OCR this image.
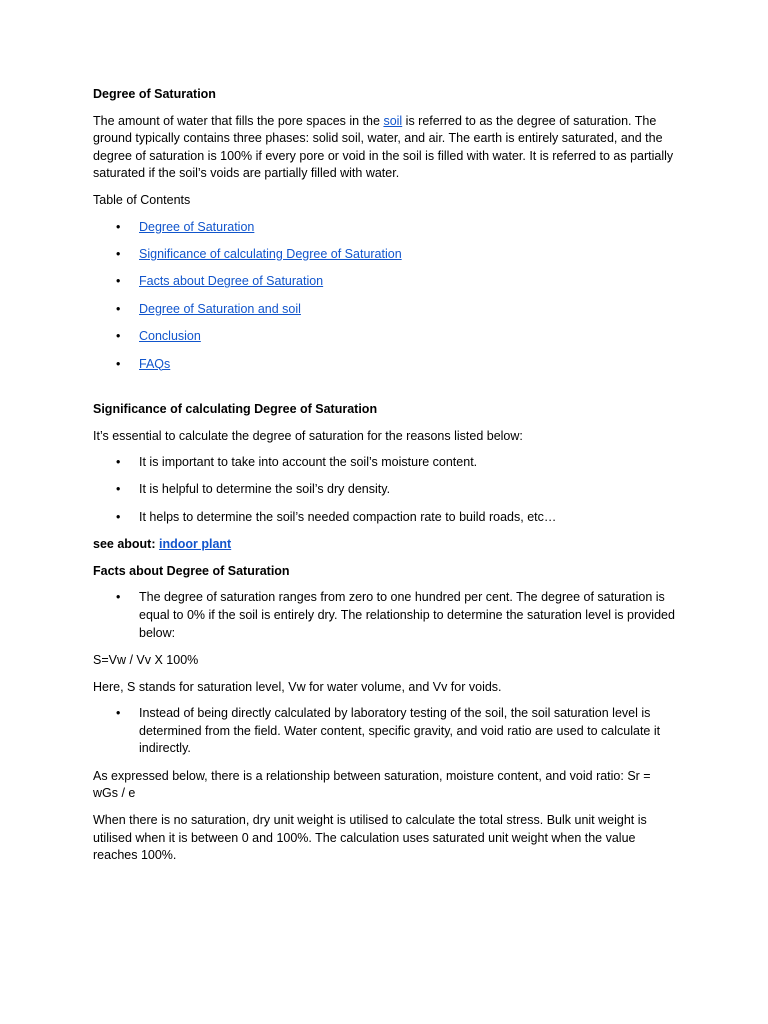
Degree of Saturation

The amount of water that fills the pore spaces in the soil is referred to as the degree of saturation. The ground typically contains three phases: solid soil, water, and air. The earth is entirely saturated, and the degree of saturation is 100% if every pore or void in the soil is filled with water. It is referred to as partially saturated if the soil’s voids are partially filled with water.

Table of Contents

• Degree of Saturation
• Significance of calculating Degree of Saturation
• Facts about Degree of Saturation
• Degree of Saturation and soil
• Conclusion
• FAQs
Significance of calculating Degree of Saturation

It’s essential to calculate the degree of saturation for the reasons listed below:

• It is important to take into account the soil’s moisture content.
• It is helpful to determine the soil’s dry density.
• It helps to determine the soil’s needed compaction rate to build roads, etc…

see about: indoor plant

Facts about Degree of Saturation
• The degree of saturation ranges from zero to one hundred per cent. The degree of saturation is equal to 0% if the soil is entirely dry. The relationship to determine the saturation level is provided below:

S=Vw / Vv X 100%

Here, S stands for saturation level, Vw for water volume, and Vv for voids.

• Instead of being directly calculated by laboratory testing of the soil, the soil saturation level is determined from the field. Water content, specific gravity, and void ratio are used to calculate it indirectly.

As expressed below, there is a relationship between saturation, moisture content, and void ratio: Sr = wGs / e

When there is no saturation, dry unit weight is utilised to calculate the total stress. Bulk unit weight is utilised when it is between 0 and 100%. The calculation uses saturated unit weight when the value reaches 100%.
